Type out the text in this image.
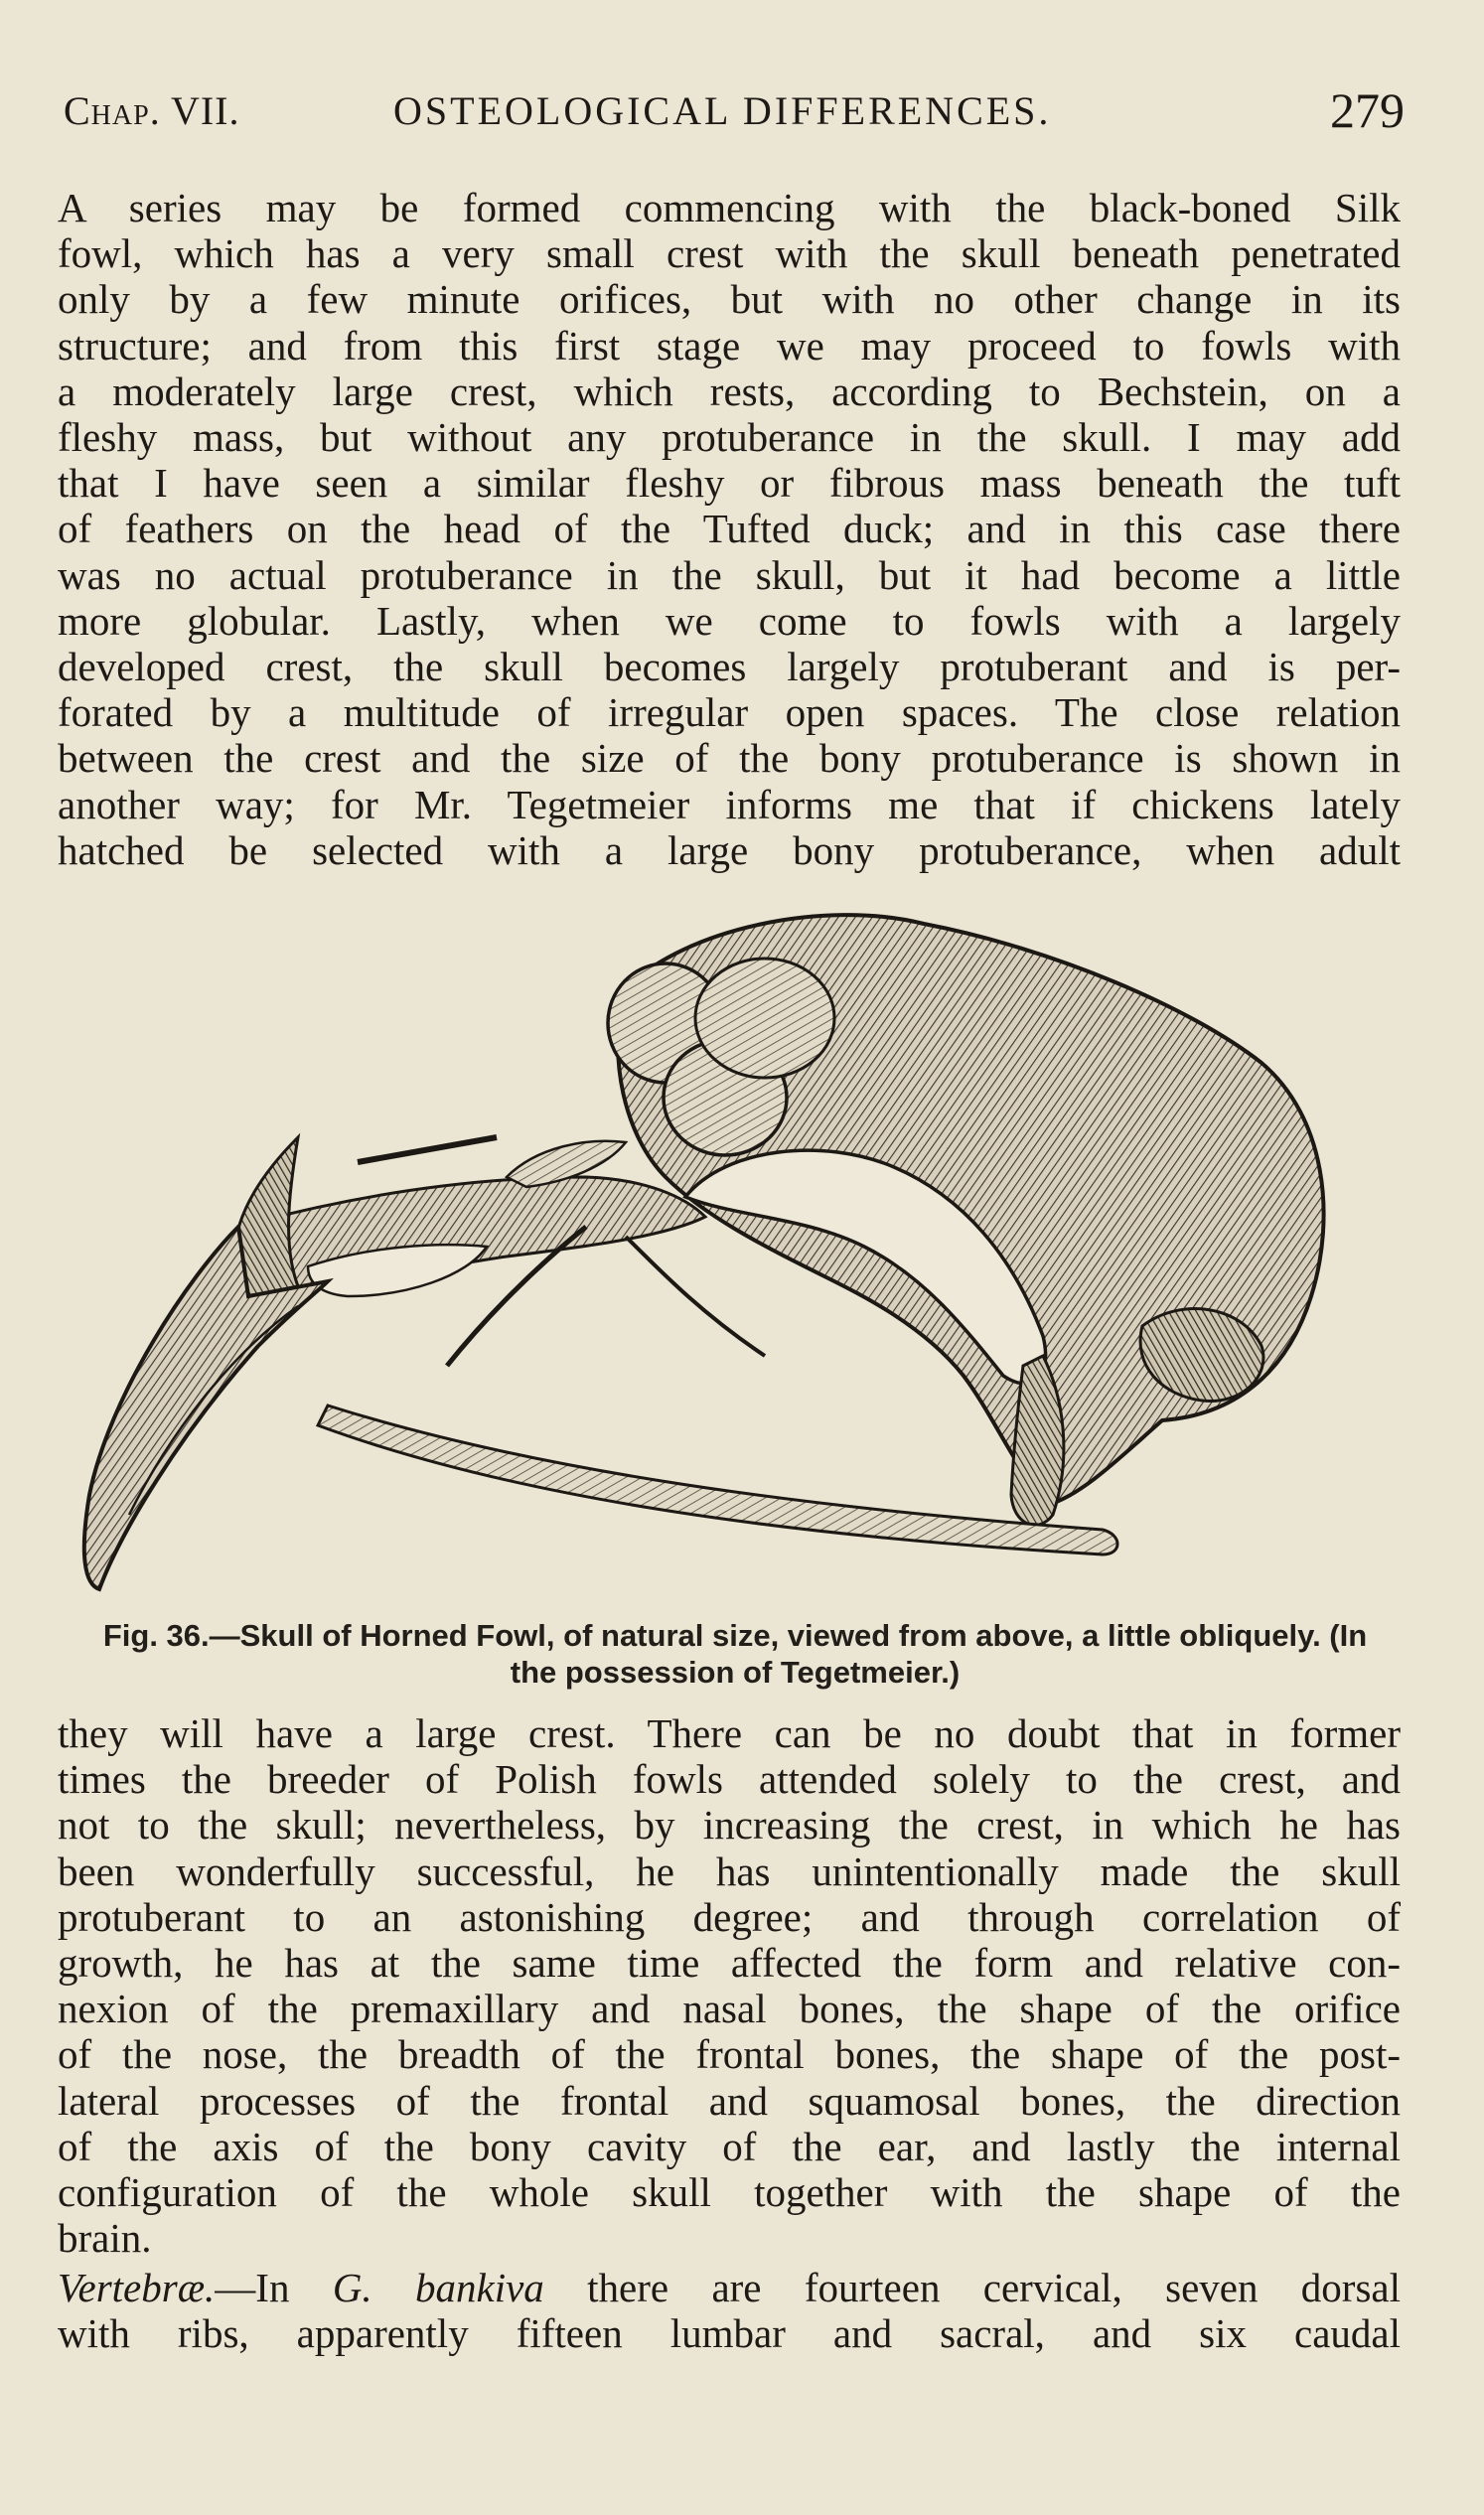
Chap. VII.	OSTEOLOGICAL DIFFERENCES.	279
A series may be formed commencing with the black-boned Silk
fowl, which has a very small crest with the skull beneath penetrated
only by a few minute orifices, but with no other change in its
structure; and from this first stage we may proceed to fowls with
a moderately large crest, which rests, according to Bechstein, on a
fleshy mass, but without any protuberance in the skull. I may add
that I have seen a similar fleshy or fibrous mass beneath the tuft
of feathers on the head of the Tufted duck; and in this case there
was no actual protuberance in the skull, but it had become a little
more globular. Lastly, when we come to fowls with a largely
developed crest, the skull becomes largely protuberant and is per-
forated by a multitude of irregular open spaces. The close relation
between the crest and the size of the bony protuberance is shown in
another way; for Mr. Tegetmeier informs me that if chickens lately
hatched be selected with a large bony protuberance, when adult
Fig. 36.—Skull of Horned Fowl, of natural size, viewed from above, a little obliquely. (In
the possession of Tegetmeier.)
they will have a large crest. There can be no doubt that in former
times the breeder of Polish fowls attended solely to the crest, and
not to the skull; nevertheless, by increasing the crest, in which he has
been wonderfully successful, he has unintentionally made the skull
protuberant to an astonishing degree; and through correlation of
growth, he has at the same time affected the form and relative con-
nexion of the premaxillary and nasal bones, the shape of the orifice
of the nose, the breadth of the frontal bones, the shape of the post-
lateral processes of the frontal and squamosal bones, the direction
of the axis of the bony cavity of the ear, and lastly the internal
configuration of the whole skull together with the shape of the
brain.
Vertebræ.—In G. bankiva there are fourteen cervical, seven dorsal
with ribs, apparently fifteen lumbar and sacral, and six caudal
